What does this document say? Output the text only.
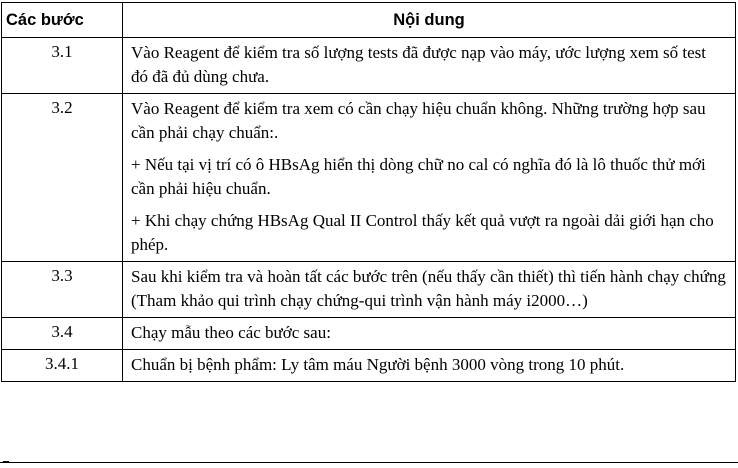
Các bước	Nội dung
3.1	Vào Reagent để kiểm tra số lượng tests đã được nạp vào máy, ước lượng xem số test đó đã đủ dùng chưa.

3.2	Vào Reagent để kiểm tra xem có cần chạy hiệu chuẩn không. Những trường hợp sau cần phải chạy chuẩn:.

+ Nếu tại vị trí có ô HBsAg hiển thị dòng chữ no cal có nghĩa đó là lô thuốc thử mới cần phải hiệu chuẩn.

+ Khi chạy chứng HBsAg Qual II Control thấy kết quả vượt ra ngoài dải giới hạn cho phép.

3.3	Sau khi kiểm tra và hoàn tất các bước trên (nếu thấy cần thiết) thì tiến hành chạy chứng (Tham khảo qui trình chạy chứng-qui trình vận hành máy i2000…)

3.4	Chạy mẫu theo các bước sau:

3.4.1	Chuẩn bị bệnh phẩm: Ly tâm máu Người bệnh 3000 vòng trong 10 phút.
